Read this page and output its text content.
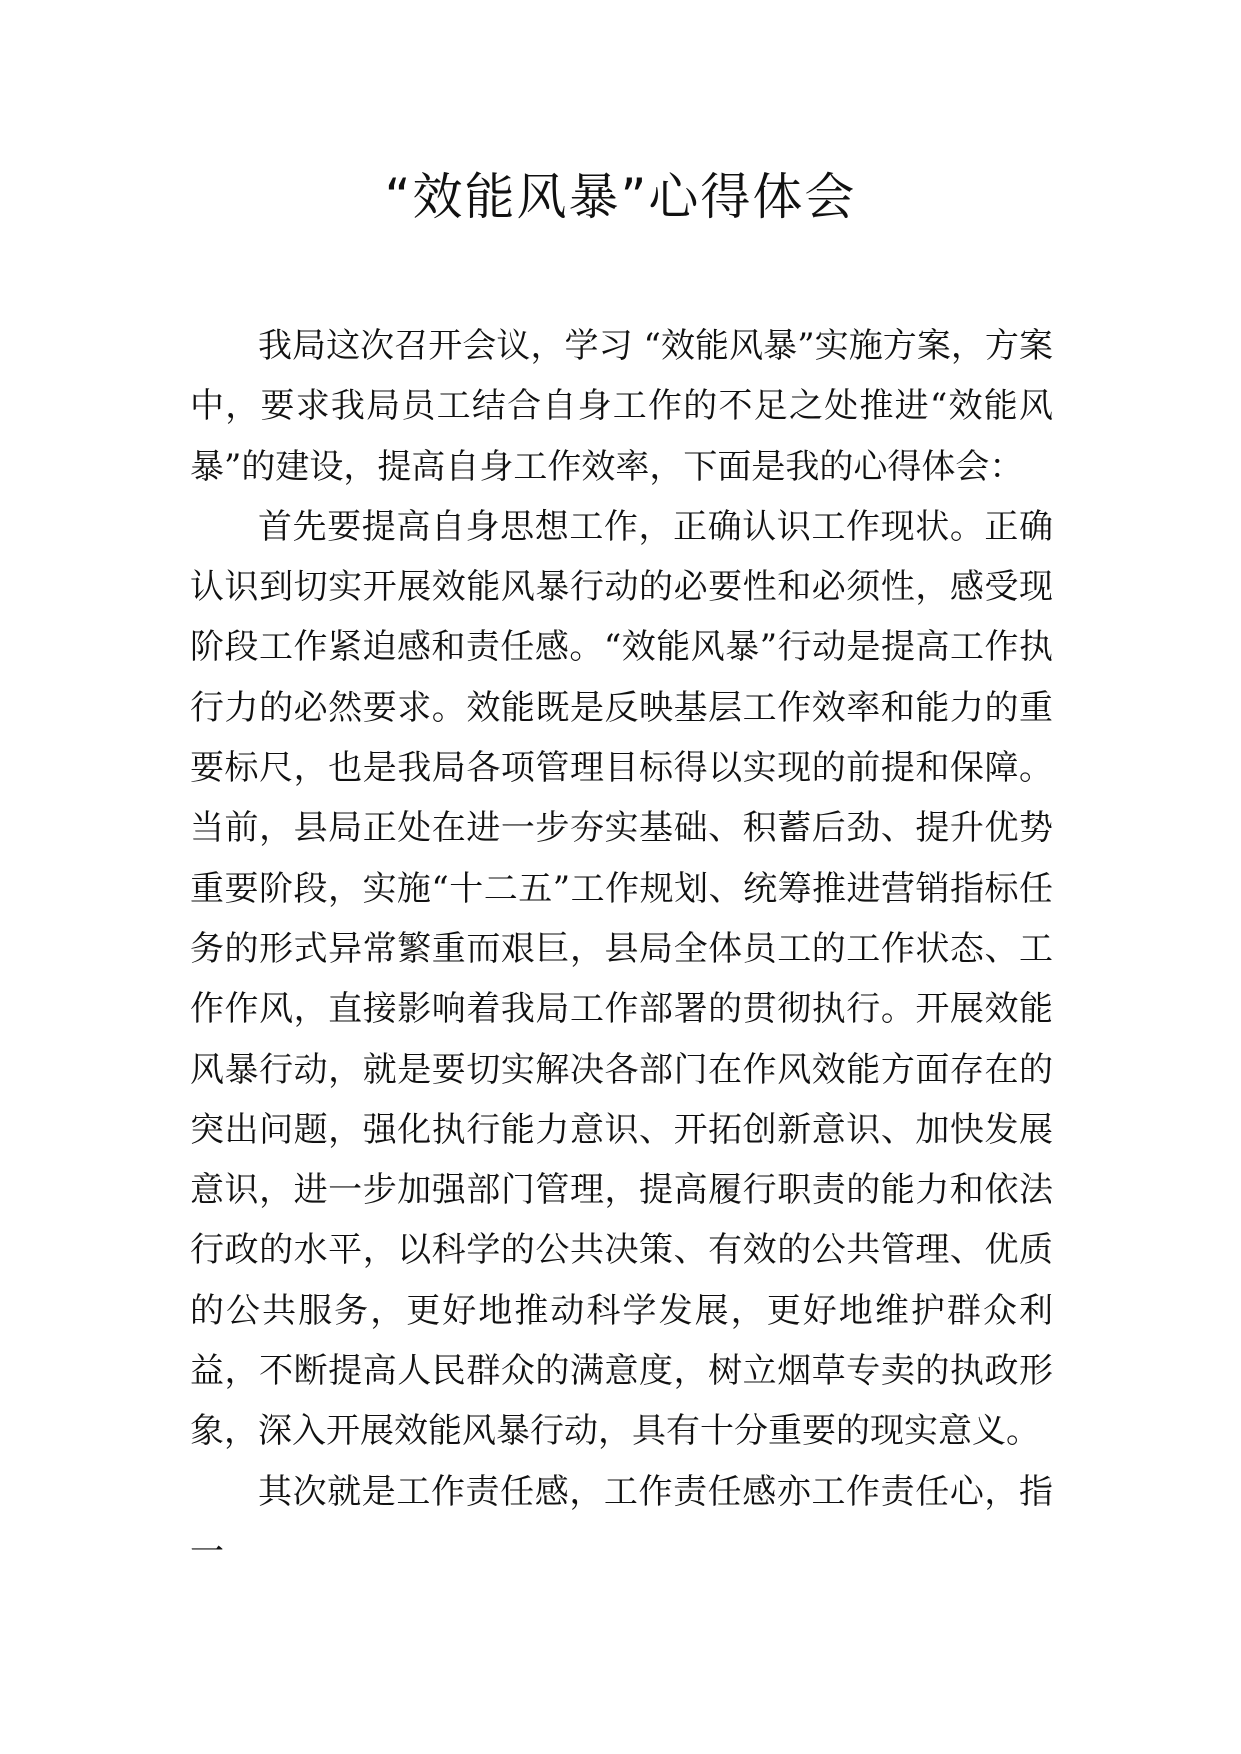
“效能风暴”心得体会

我局这次召开会议，学习 “效能风暴”实施方案，方案中，要求我局员工结合自身工作的不足之处推进“效能风暴”的建设，提高自身工作效率，下面是我的心得体会：

首先要提高自身思想工作，正确认识工作现状。正确认识到切实开展效能风暴行动的必要性和必须性，感受现阶段工作紧迫感和责任感。“效能风暴”行动是提高工作执行力的必然要求。效能既是反映基层工作效率和能力的重要标尺，也是我局各项管理目标得以实现的前提和保障。当前，县局正处在进一步夯实基础、积蓄后劲、提升优势重要阶段，实施“十二五”工作规划、统筹推进营销指标任务的形式异常繁重而艰巨，县局全体员工的工作状态、工作作风，直接影响着我局工作部署的贯彻执行。开展效能风暴行动，就是要切实解决各部门在作风效能方面存在的突出问题，强化执行能力意识、开拓创新意识、加快发展意识，进一步加强部门管理，提高履行职责的能力和依法行政的水平，以科学的公共决策、有效的公共管理、优质的公共服务，更好地推动科学发展，更好地维护群众利益，不断提高人民群众的满意度，树立烟草专卖的执政形象，深入开展效能风暴行动，具有十分重要的现实意义。

其次就是工作责任感，工作责任感亦工作责任心，指一
